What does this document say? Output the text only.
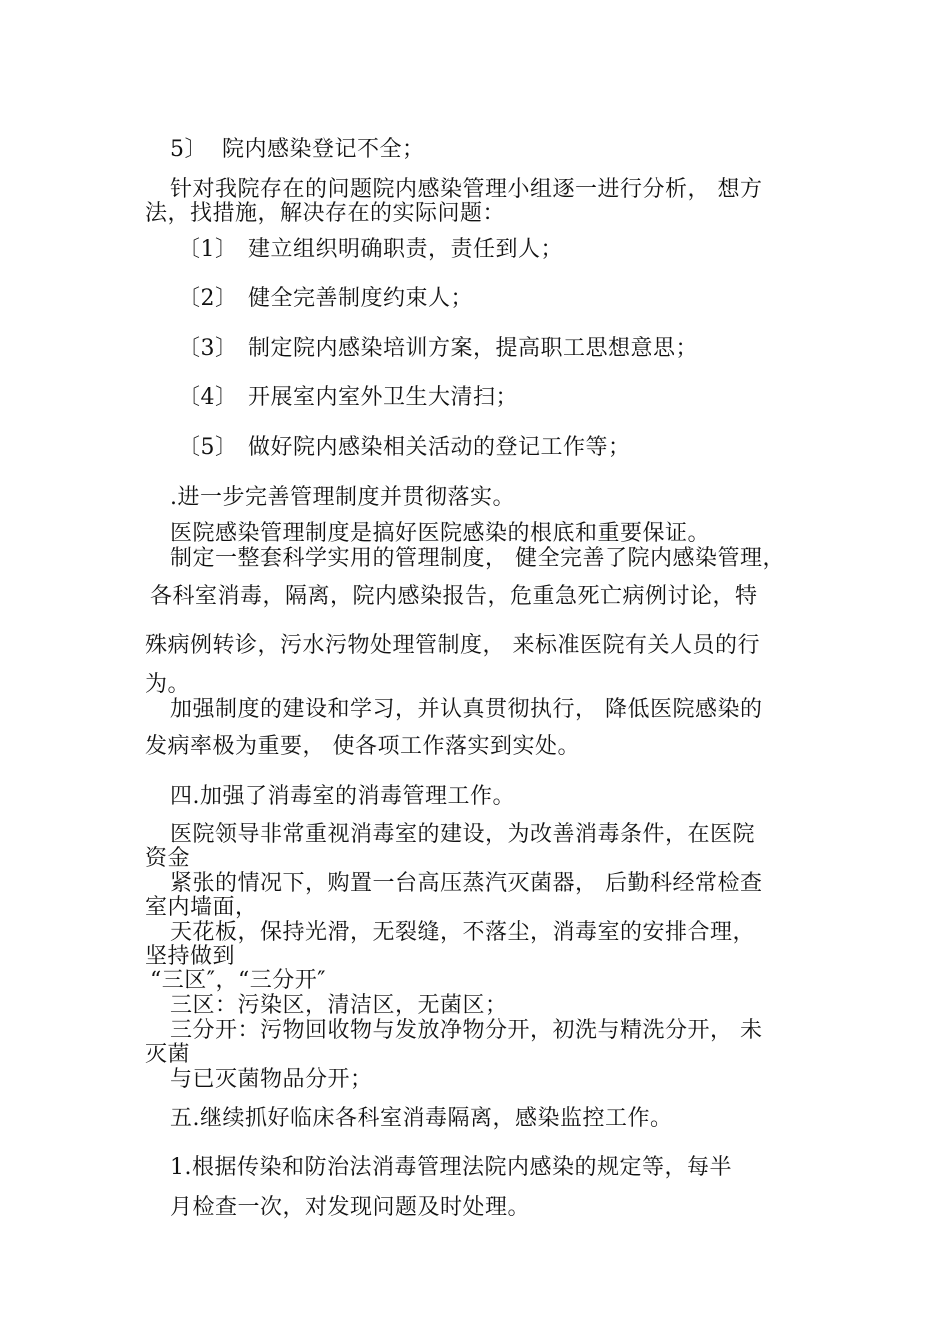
5〕 院内感染登记不全；
针对我院存在的问题院内感染管理小组逐一进行分析， 想方
法，找措施，解决存在的实际问题：
〔1〕 建立组织明确职责，责任到人；
〔2〕 健全完善制度约束人；
〔3〕 制定院内感染培训方案，提高职工思想意思；
〔4〕 开展室内室外卫生大清扫；
〔5〕 做好院内感染相关活动的登记工作等；
.进一步完善管理制度并贯彻落实。
医院感染管理制度是搞好医院感染的根底和重要保证。
制定一整套科学实用的管理制度， 健全完善了院内感染管理，
各科室消毒，隔离，院内感染报告，危重急死亡病例讨论，特
殊病例转诊，污水污物处理管制度， 来标准医院有关人员的行
为。
加强制度的建设和学习，并认真贯彻执行， 降低医院感染的
发病率极为重要， 使各项工作落实到实处。
四.加强了消毒室的消毒管理工作。
医院领导非常重视消毒室的建设，为改善消毒条件，在医院
资金
紧张的情况下，购置一台高压蒸汽灭菌器， 后勤科经常检查
室内墙面，
天花板，保持光滑，无裂缝，不落尘，消毒室的安排合理，
坚持做到
“三区″，“三分开″
三区：污染区，清洁区，无菌区；
三分开：污物回收物与发放净物分开，初洗与精洗分开， 未
灭菌
与已灭菌物品分开；
五.继续抓好临床各科室消毒隔离，感染监控工作。
1.根据传染和防治法消毒管理法院内感染的规定等，每半
月检查一次，对发现问题及时处理。
